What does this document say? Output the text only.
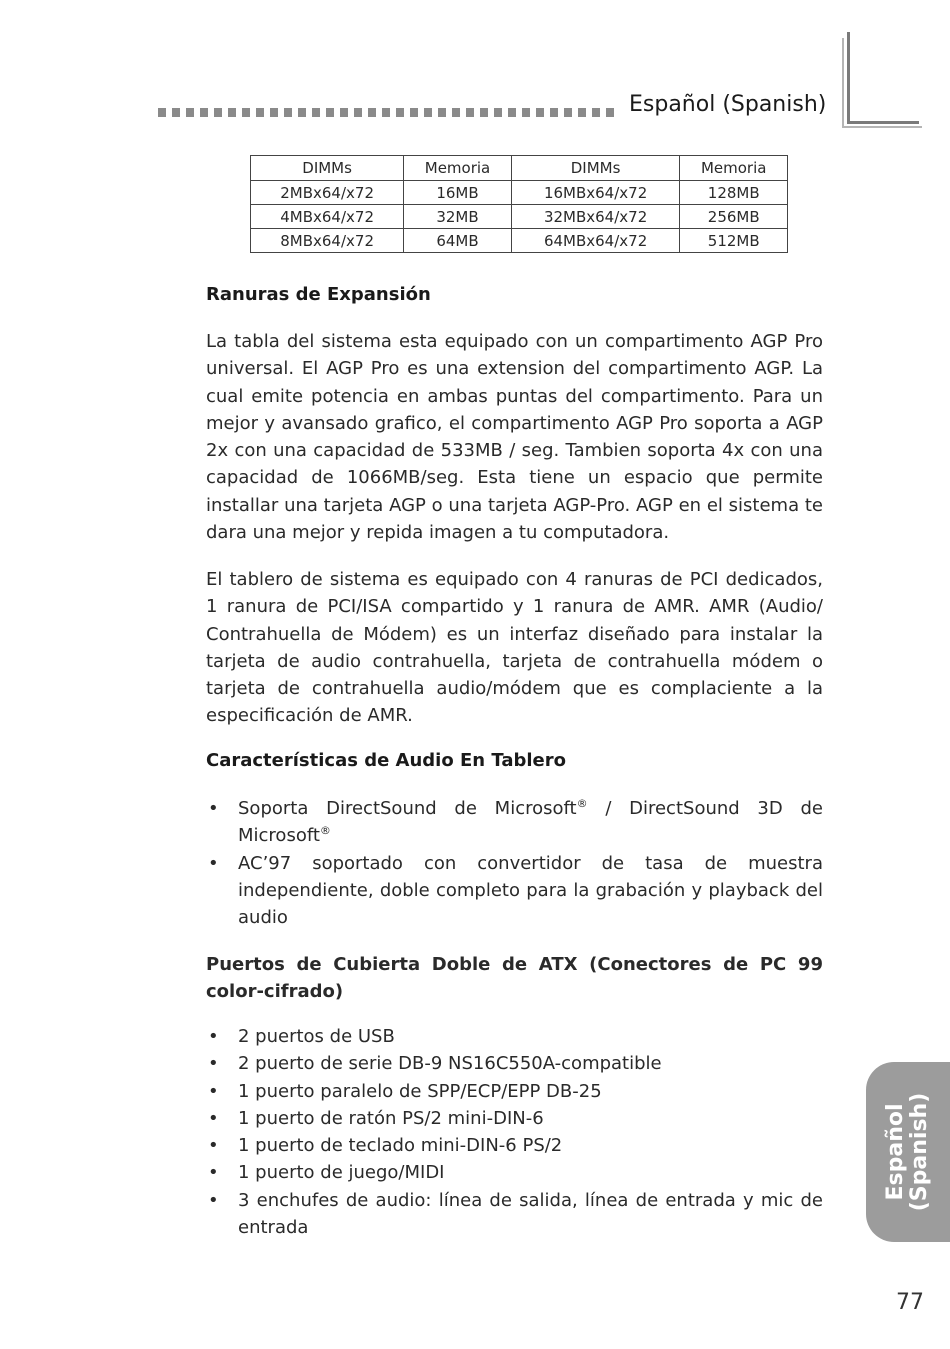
Español (Spanish)
DIMMs	Memoria	DIMMs	Memoria
2MBx64/x72	16MB	16MBx64/x72	128MB
4MBx64/x72	32MB	32MBx64/x72	256MB
8MBx64/x72	64MB	64MBx64/x72	512MB
Ranuras de Expansión

La tabla del sistema esta equipado con un compartimento AGP Pro universal. El AGP Pro es una extension del compartimento AGP. La cual emite potencia en ambas puntas del compartimento. Para un mejor y avansado grafico, el compartimento AGP Pro soporta a AGP 2x con una capacidad de 533MB / seg. Tambien soporta 4x con una capacidad de 1066MB/seg. Esta tiene un espacio que permite installar una tarjeta AGP o una tarjeta AGP-Pro. AGP en el sistema te dara una mejor y repida imagen a tu computadora.

El tablero de sistema es equipado con 4 ranuras de PCI dedicados, 1 ranura de PCI/ISA compartido y 1 ranura de AMR. AMR (Audio/ Contrahuella de Módem) es un interfaz diseñado para instalar la tarjeta de audio contrahuella, tarjeta de contrahuella módem o tarjeta de contrahuella audio/módem que es complaciente a la especificación de AMR.

Características de Audio En Tablero
• Soporta DirectSound de Microsoft® / DirectSound 3D de Microsoft®
• AC’97 soportado con convertidor de tasa de muestra independiente, doble completo para la grabación y playback del audio
Puertos de Cubierta Doble de ATX (Conectores de PC 99 color-cifrado)
• 2 puertos de USB
• 2 puerto de serie DB-9 NS16C550A-compatible
• 1 puerto paralelo de SPP/ECP/EPP DB-25
• 1 puerto de ratón PS/2 mini-DIN-6
• 1 puerto de teclado mini-DIN-6 PS/2
• 1 puerto de juego/MIDI
• 3 enchufes de audio: línea de salida, línea de entrada y mic de entrada
Español (Spanish)
77
